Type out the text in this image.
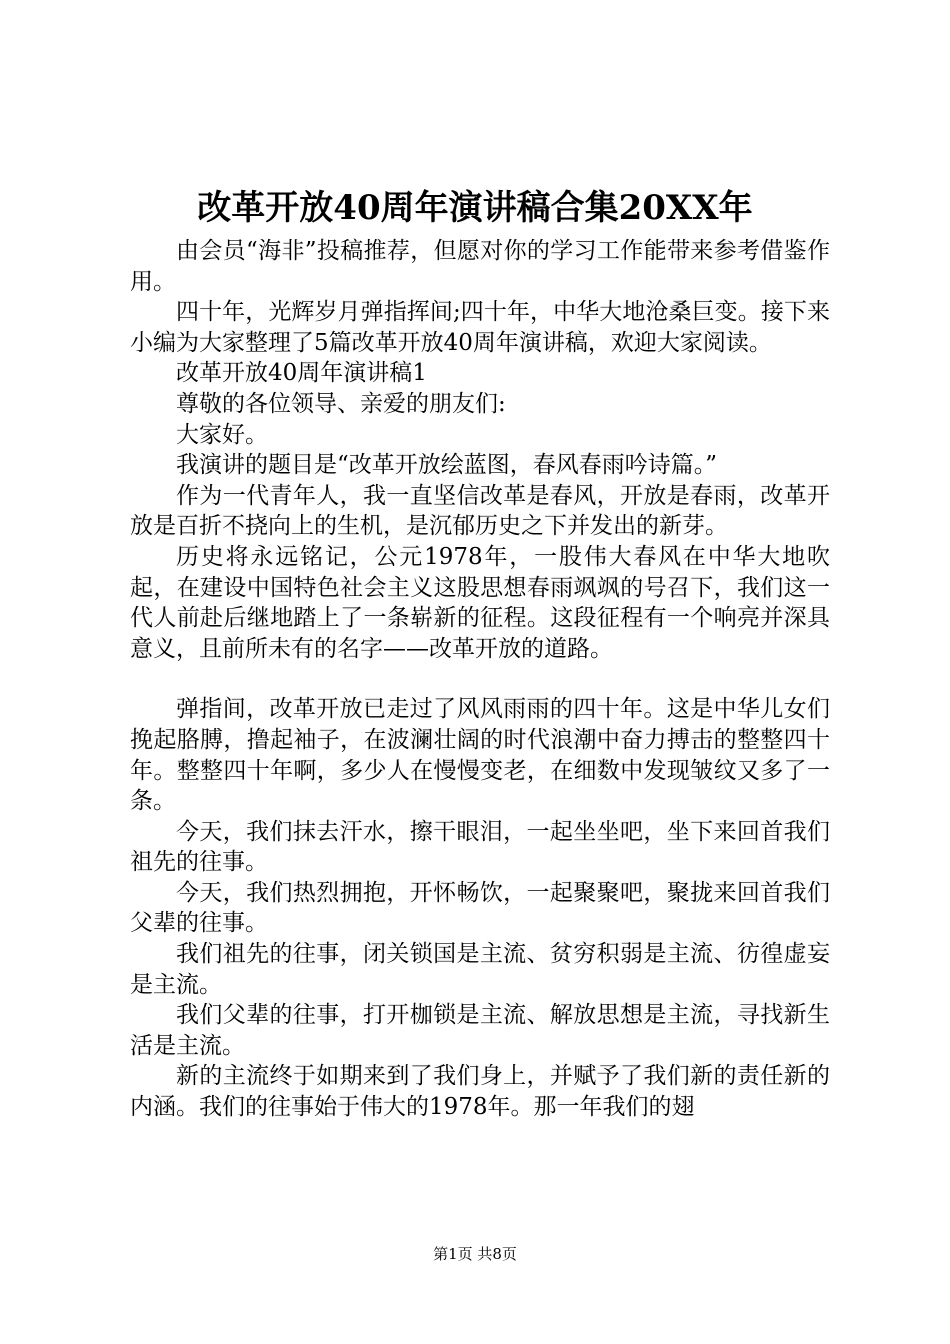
改革开放40周年演讲稿合集20XX年

由会员“海非”投稿推荐，但愿对你的学习工作能带来参考借鉴作用。

四十年，光辉岁月弹指挥间;四十年，中华大地沧桑巨变。接下来小编为大家整理了5篇改革开放40周年演讲稿，欢迎大家阅读。

改革开放40周年演讲稿1

尊敬的各位领导、亲爱的朋友们:

大家好。

我演讲的题目是“改革开放绘蓝图，春风春雨吟诗篇。”

作为一代青年人，我一直坚信改革是春风，开放是春雨，改革开放是百折不挠向上的生机，是沉郁历史之下并发出的新芽。

历史将永远铭记，公元1978年，一股伟大春风在中华大地吹起，在建设中国特色社会主义这股思想春雨飒飒的号召下，我们这一代人前赴后继地踏上了一条崭新的征程。这段征程有一个响亮并深具意义，且前所未有的名字——改革开放的道路。

弹指间，改革开放已走过了风风雨雨的四十年。这是中华儿女们挽起胳膊，撸起袖子，在波澜壮阔的时代浪潮中奋力搏击的整整四十年。整整四十年啊，多少人在慢慢变老，在细数中发现皱纹又多了一条。

今天，我们抹去汗水，擦干眼泪，一起坐坐吧，坐下来回首我们祖先的往事。

今天，我们热烈拥抱，开怀畅饮，一起聚聚吧，聚拢来回首我们父辈的往事。

我们祖先的往事，闭关锁国是主流、贫穷积弱是主流、彷徨虚妄是主流。

我们父辈的往事，打开枷锁是主流、解放思想是主流，寻找新生活是主流。

新的主流终于如期来到了我们身上，并赋予了我们新的责任新的内涵。我们的往事始于伟大的1978年。那一年我们的翅

第1页 共8页
